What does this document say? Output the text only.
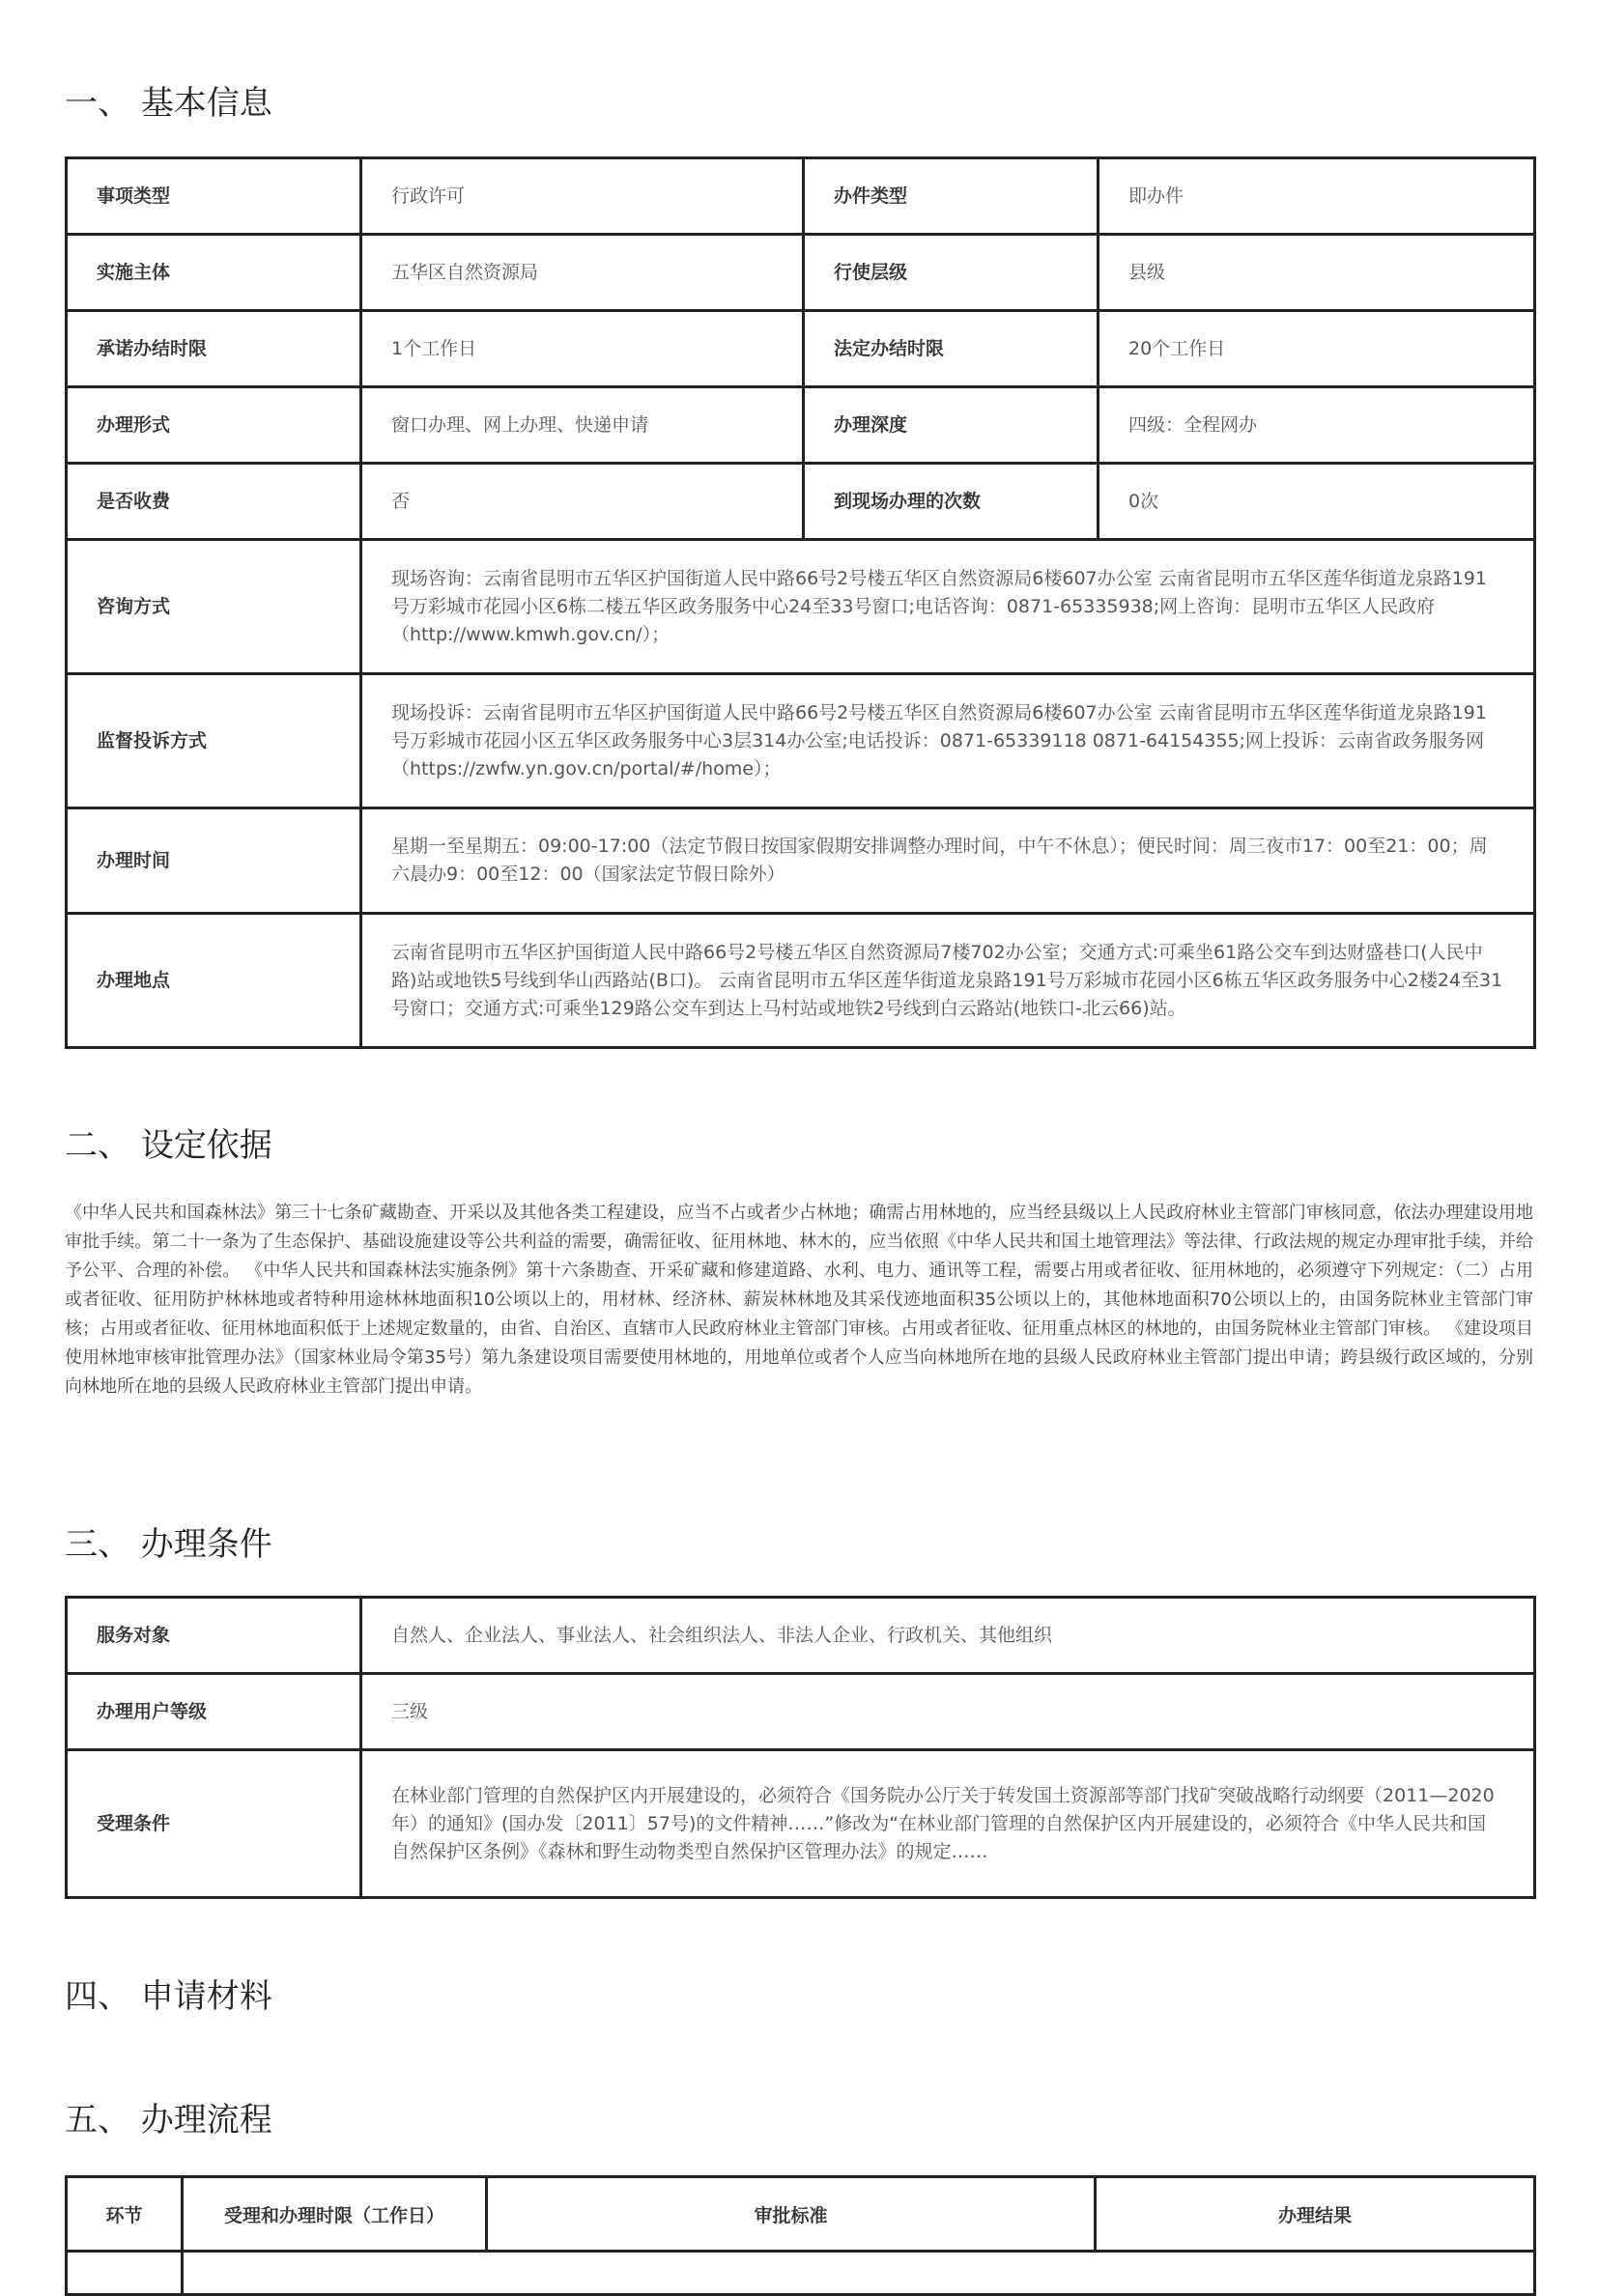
一、 基本信息
事项类型	行政许可	办件类型	即办件
实施主体	五华区自然资源局	行使层级	县级
承诺办结时限	1个工作日	法定办结时限	20个工作日
办理形式	窗口办理、网上办理、快递申请	办理深度	四级：全程网办
是否收费	否	到现场办理的次数	0次
咨询方式	现场咨询：云南省昆明市五华区护国街道人民中路66号2号楼五华区自然资源局6楼607办公室 云南省昆明市五华区莲华街道龙泉路191号万彩城市花园小区6栋二楼五华区政务服务中心24至33号窗口;电话咨询：0871-65335938;网上咨询：昆明市五华区人民政府（http://www.kmwh.gov.cn/）；		
监督投诉方式	现场投诉：云南省昆明市五华区护国街道人民中路66号2号楼五华区自然资源局6楼607办公室 云南省昆明市五华区莲华街道龙泉路191号万彩城市花园小区五华区政务服务中心3层314办公室;电话投诉：0871-65339118 0871-64154355;网上投诉：云南省政务服务网（https://zwfw.yn.gov.cn/portal/#/home）；		
办理时间	星期一至星期五：09:00-17:00（法定节假日按国家假期安排调整办理时间，中午不休息）；便民时间：周三夜市17：00至21：00；周六晨办9：00至12：00（国家法定节假日除外）		
办理地点	云南省昆明市五华区护国街道人民中路66号2号楼五华区自然资源局7楼702办公室；交通方式:可乘坐61路公交车到达财盛巷口(人民中路)站或地铁5号线到华山西路站(B口)。 云南省昆明市五华区莲华街道龙泉路191号万彩城市花园小区6栋五华区政务服务中心2楼24至31号窗口；交通方式:可乘坐129路公交车到达上马村站或地铁2号线到白云路站(地铁口-北云66)站。		
二、 设定依据

《中华人民共和国森林法》第三十七条矿藏勘查、开采以及其他各类工程建设，应当不占或者少占林地；确需占用林地的，应当经县级以上人民政府林业主管部门审核同意，依法办理建设用地审批手续。第二十一条为了生态保护、基础设施建设等公共利益的需要，确需征收、征用林地、林木的，应当依照《中华人民共和国土地管理法》等法律、行政法规的规定办理审批手续，并给予公平、合理的补偿。 《中华人民共和国森林法实施条例》第十六条勘查、开采矿藏和修建道路、水利、电力、通讯等工程，需要占用或者征收、征用林地的，必须遵守下列规定：（二）占用或者征收、征用防护林林地或者特种用途林林地面积10公顷以上的，用材林、经济林、薪炭林林地及其采伐迹地面积35公顷以上的，其他林地面积70公顷以上的，由国务院林业主管部门审核；占用或者征收、征用林地面积低于上述规定数量的，由省、自治区、直辖市人民政府林业主管部门审核。占用或者征收、征用重点林区的林地的，由国务院林业主管部门审核。 《建设项目使用林地审核审批管理办法》（国家林业局令第35号）第九条建设项目需要使用林地的，用地单位或者个人应当向林地所在地的县级人民政府林业主管部门提出申请；跨县级行政区域的，分别向林地所在地的县级人民政府林业主管部门提出申请。

三、 办理条件
服务对象	自然人、企业法人、事业法人、社会组织法人、非法人企业、行政机关、其他组织
办理用户等级	三级
受理条件	在林业部门管理的自然保护区内开展建设的，必须符合《国务院办公厅关于转发国土资源部等部门找矿突破战略行动纲要（2011—2020年）的通知》(国办发〔2011〕57号)的文件精神……”修改为“在林业部门管理的自然保护区内开展建设的，必须符合《中华人民共和国自然保护区条例》《森林和野生动物类型自然保护区管理办法》的规定……
四、 申请材料
五、 办理流程
环节	受理和办理时限（工作日）	审批标准	办理结果
